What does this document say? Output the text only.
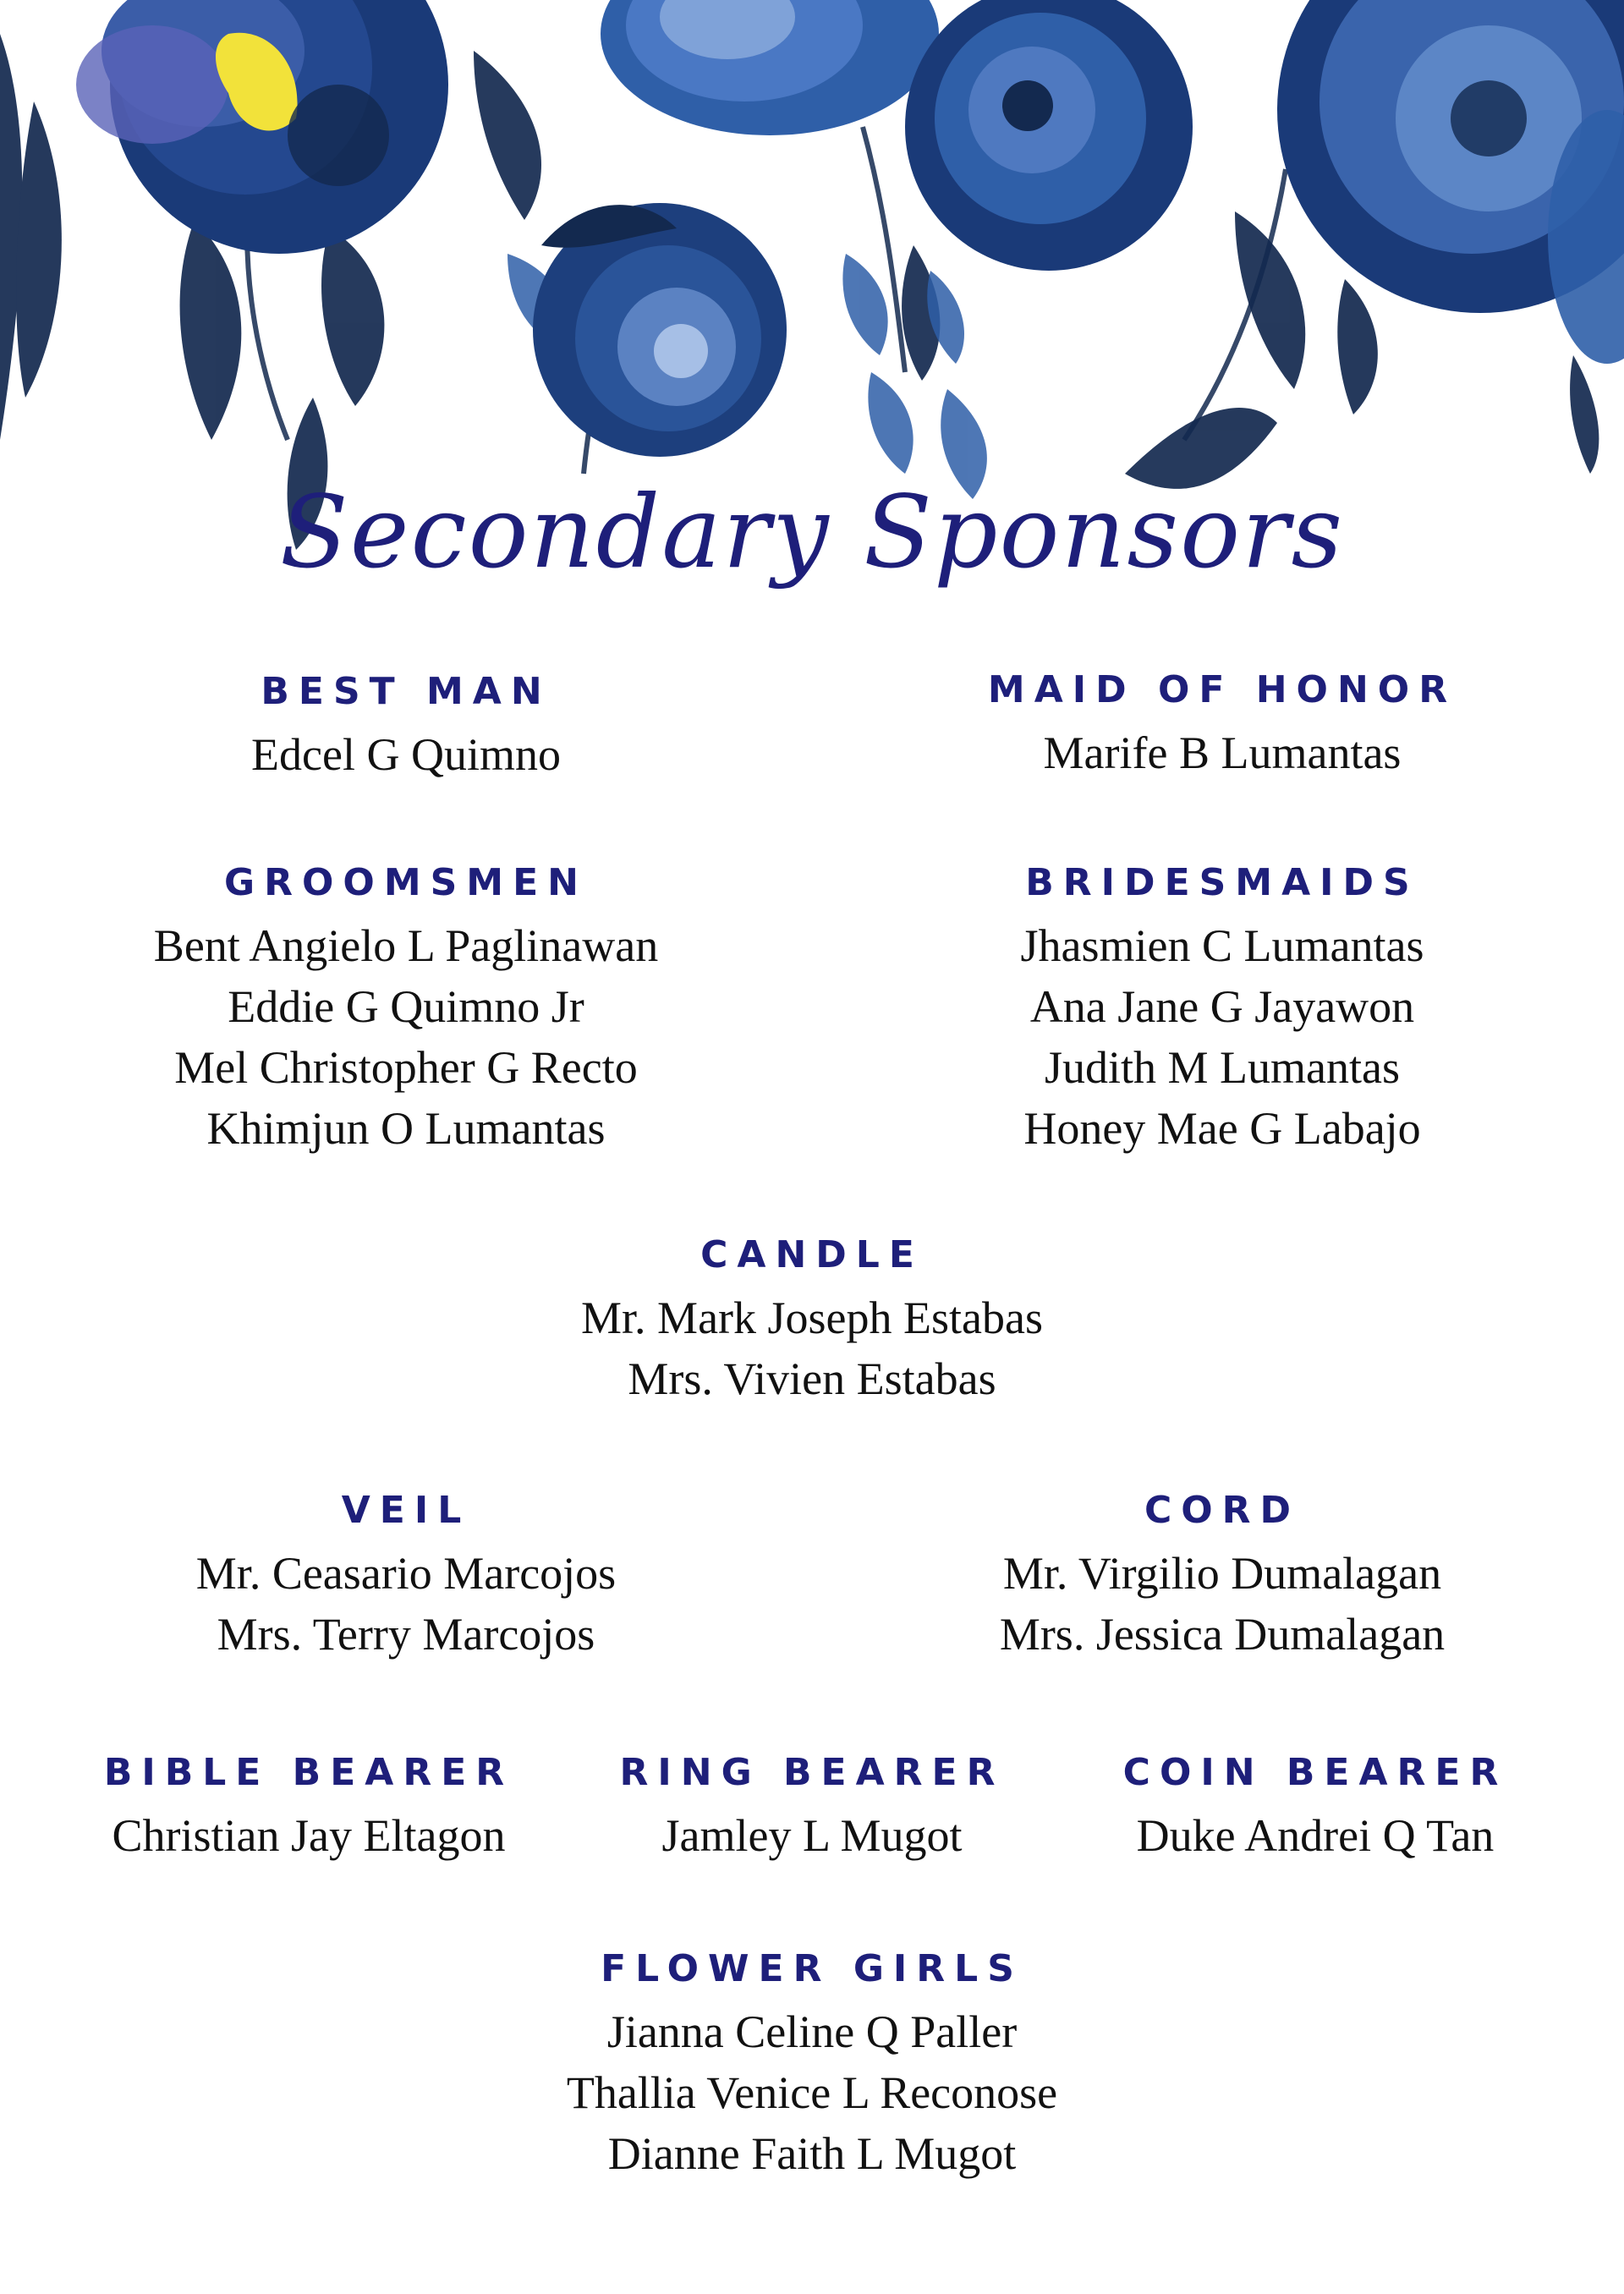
Secondary Sponsors
BEST MAN
Edcel G Quimno
MAID OF HONOR
Marife B Lumantas
GROOMSMEN
Bent Angielo L Paglinawan
Eddie G Quimno Jr
Mel Christopher G Recto
Khimjun O Lumantas
BRIDESMAIDS
Jhasmien C Lumantas
Ana Jane G Jayawon
Judith M Lumantas
Honey Mae G Labajo
CANDLE
Mr. Mark Joseph Estabas
Mrs. Vivien Estabas
VEIL
Mr. Ceasario Marcojos
Mrs. Terry Marcojos
CORD
Mr. Virgilio Dumalagan
Mrs. Jessica Dumalagan
BIBLE BEARER
Christian Jay Eltagon
RING BEARER
Jamley L Mugot
COIN BEARER
Duke Andrei Q Tan
FLOWER GIRLS
Jianna Celine Q Paller
Thallia Venice L Reconose
Dianne Faith L Mugot
